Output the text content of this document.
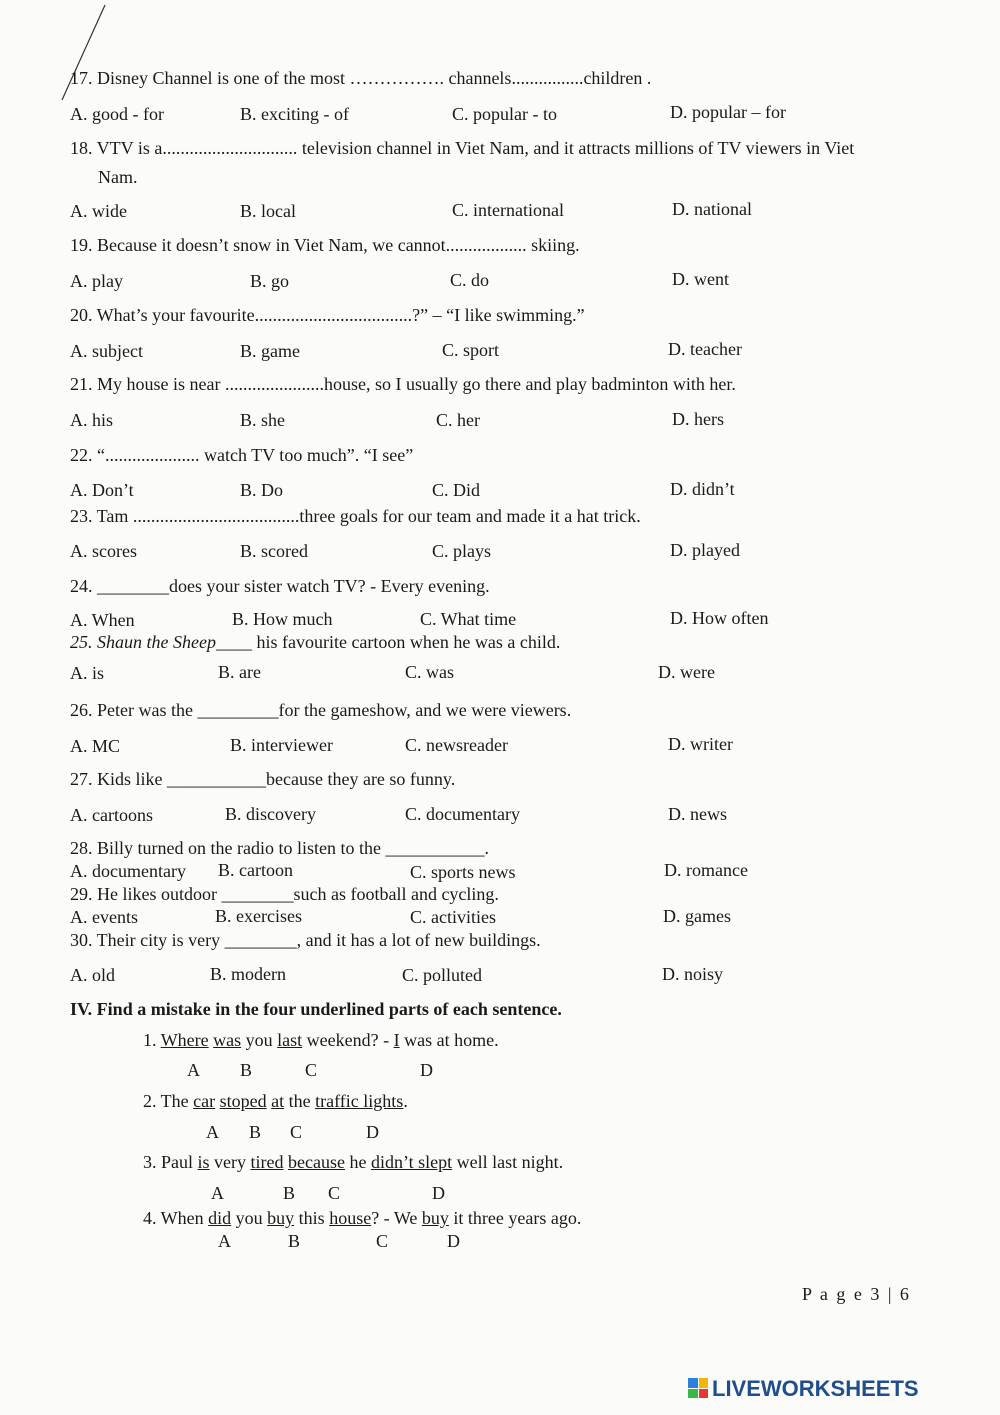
17. Disney Channel is one of the most ……………. channels................children .
A. good - for	B. exciting - of	C. popular - to	D. popular – for
18. VTV is a.............................. television channel in Viet Nam, and it attracts millions of TV viewers in Viet
Nam.
A. wide	B. local	C. international	D. national
19. Because it doesn’t snow in Viet Nam, we cannot.................. skiing.
A. play	B. go	C. do	D. went
20. What’s your favourite...................................?” – “I like swimming.”
A. subject	B. game	C. sport	D. teacher
21. My house is near ......................house, so I usually go there and play badminton with her.
A. his	B. she	C. her	D. hers
22. “..................... watch TV too much”. “I see”
A. Don’t	B. Do	C. Did	D. didn’t
23. Tam .....................................three goals for our team and made it a hat trick.
A. scores	B. scored	C. plays	D. played
24. ________does your sister watch TV? - Every evening.
A. When	B. How much	C. What time	D. How often
25. Shaun the Sheep____ his favourite cartoon when he was a child.
A. is	B. are	C. was	D. were
26. Peter was the _________for the gameshow, and we were viewers.
A. MC	B. interviewer	C. newsreader	D. writer
27. Kids like ___________because they are so funny.
A. cartoons	B. discovery	C. documentary	D. news
28. Billy turned on the radio to listen to the ___________.
A. documentary B. cartoon	C. sports news	D. romance
29. He likes outdoor ________such as football and cycling.
A. events	B. exercises	C. activities	D. games
30. Their city is very ________, and it has a lot of new buildings.
A. old	B. modern	C. polluted	D. noisy
IV. Find a mistake in the four underlined parts of each sentence.
1. Where was you last weekend? - I was at home.
A B	C	D
2. The car stoped at the traffic lights.
A B C	D
3. Paul is very tired because he didn’t slept well last night.
A	B C	D
4. When did you buy this house? - We buy it three years ago.
A	B	C	D
P a g e 3 | 6
LIVEWORKSHEETS
